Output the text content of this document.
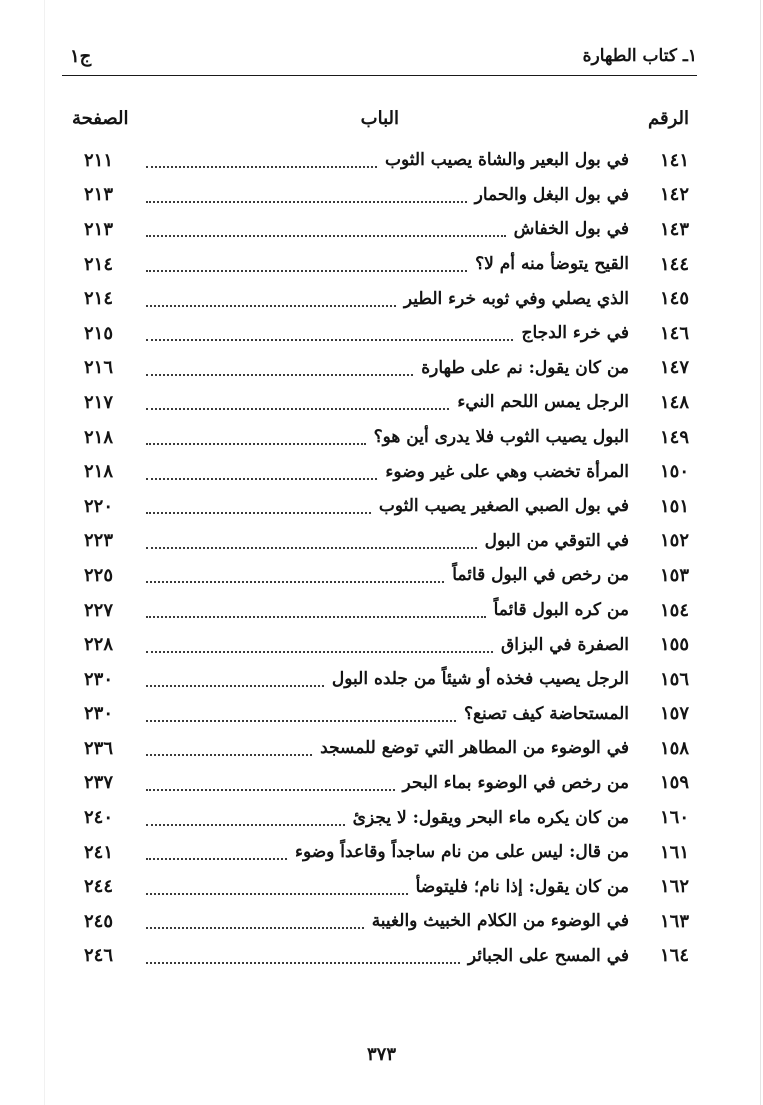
١ـ كتاب الطهارة
ج١
الرقم
الباب
الصفحة
١٤١
في بول البعير والشاة يصيب الثوب
٢١١
١٤٢
في بول البغل والحمار
٢١٣
١٤٣
في بول الخفاش
٢١٣
١٤٤
القيح يتوضأ منه أم لا؟
٢١٤
١٤٥
الذي يصلي وفي ثوبه خرء الطير
٢١٤
١٤٦
في خرء الدجاج
٢١٥
١٤٧
من كان يقول: نم على طهارة
٢١٦
١٤٨
الرجل يمس اللحم النيء
٢١٧
١٤٩
البول يصيب الثوب فلا يدرى أين هو؟
٢١٨
١٥٠
المرأة تخضب وهي على غير وضوء
٢١٨
١٥١
في بول الصبي الصغير يصيب الثوب
٢٢٠
١٥٢
في التوقي من البول
٢٢٣
١٥٣
من رخص في البول قائماً
٢٢٥
١٥٤
من كره البول قائماً
٢٢٧
١٥٥
الصفرة في البزاق
٢٢٨
١٥٦
الرجل يصيب فخذه أو شيئاً من جلده البول
٢٣٠
١٥٧
المستحاضة كيف تصنع؟
٢٣٠
١٥٨
في الوضوء من المطاهر التي توضع للمسجد
٢٣٦
١٥٩
من رخص في الوضوء بماء البحر
٢٣٧
١٦٠
من كان يكره ماء البحر ويقول: لا يجزئ
٢٤٠
١٦١
من قال: ليس على من نام ساجداً وقاعداً وضوء
٢٤١
١٦٢
من كان يقول: إذا نام؛ فليتوضأ
٢٤٤
١٦٣
في الوضوء من الكلام الخبيث والغيبة
٢٤٥
١٦٤
في المسح على الجبائر
٢٤٦
٣٧٣
